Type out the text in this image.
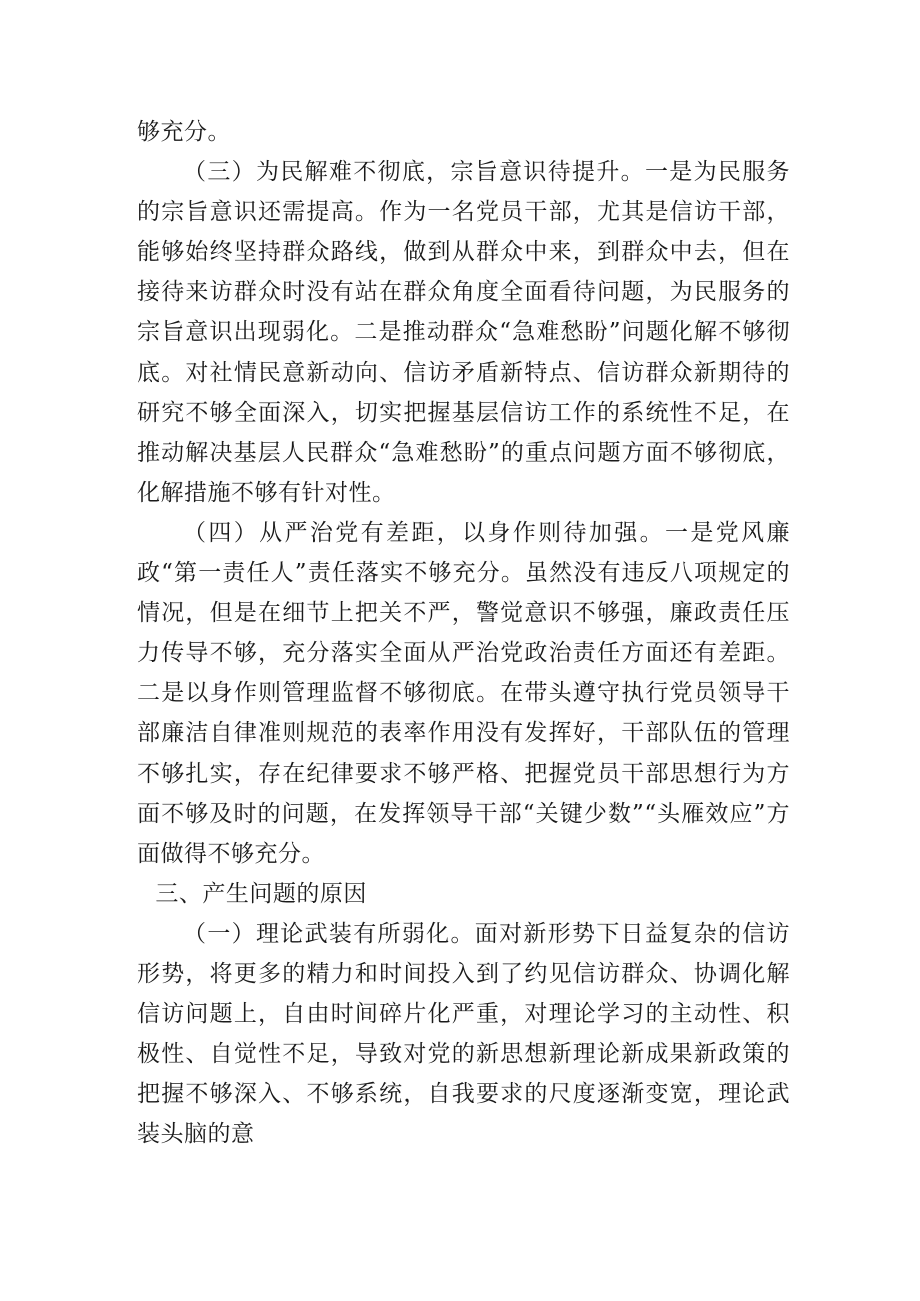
够充分。

（三）为民解难不彻底，宗旨意识待提升。一是为民服务的宗旨意识还需提高。作为一名党员干部，尤其是信访干部，能够始终坚持群众路线，做到从群众中来，到群众中去，但在接待来访群众时没有站在群众角度全面看待问题，为民服务的宗旨意识出现弱化。二是推动群众“急难愁盼”问题化解不够彻底。对社情民意新动向、信访矛盾新特点、信访群众新期待的研究不够全面深入，切实把握基层信访工作的系统性不足，在推动解决基层人民群众“急难愁盼”的重点问题方面不够彻底，化解措施不够有针对性。

（四）从严治党有差距，以身作则待加强。一是党风廉政“第一责任人”责任落实不够充分。虽然没有违反八项规定的情况，但是在细节上把关不严，警觉意识不够强，廉政责任压力传导不够，充分落实全面从严治党政治责任方面还有差距。二是以身作则管理监督不够彻底。在带头遵守执行党员领导干部廉洁自律准则规范的表率作用没有发挥好，干部队伍的管理不够扎实，存在纪律要求不够严格、把握党员干部思想行为方面不够及时的问题，在发挥领导干部“关键少数”“头雁效应”方面做得不够充分。

三、产生问题的原因

（一）理论武装有所弱化。面对新形势下日益复杂的信访形势，将更多的精力和时间投入到了约见信访群众、协调化解信访问题上，自由时间碎片化严重，对理论学习的主动性、积极性、自觉性不足，导致对党的新思想新理论新成果新政策的把握不够深入、不够系统，自我要求的尺度逐渐变宽，理论武装头脑的意
